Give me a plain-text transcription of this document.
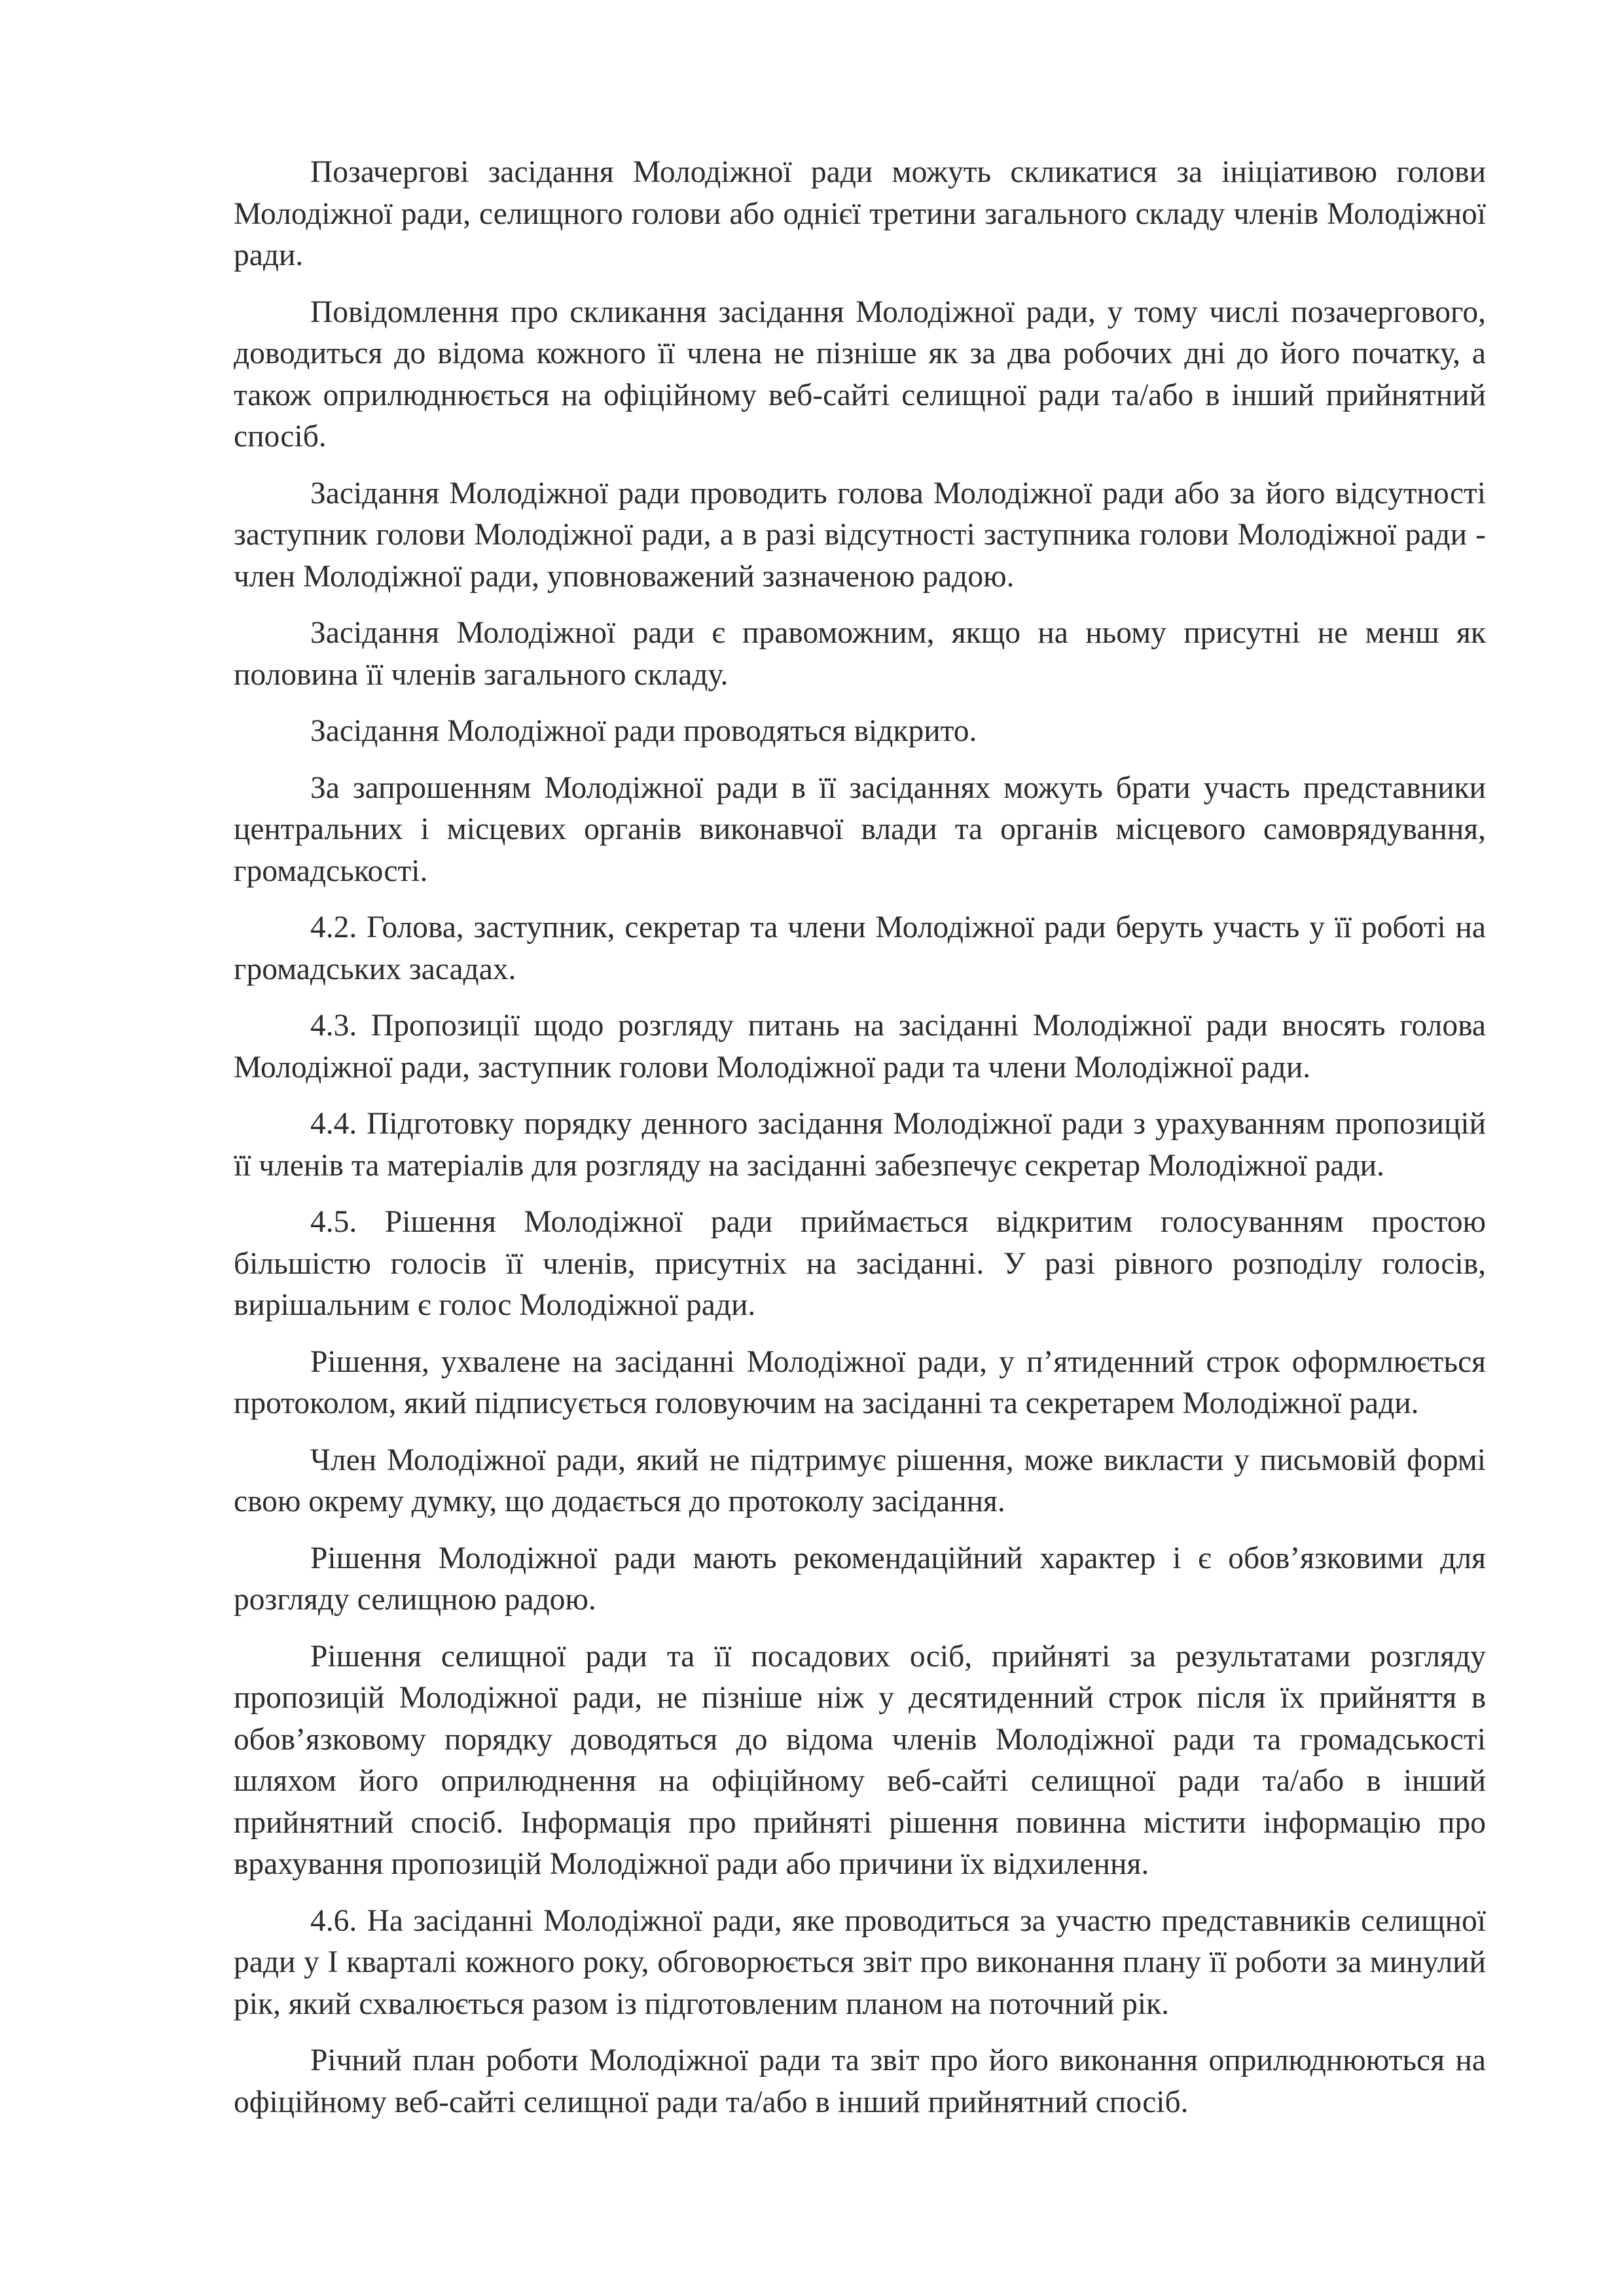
Позачергові засідання Молодіжної ради можуть скликатися за ініціативою голови Молодіжної ради, селищного голови або однієї третини загального складу членів Молодіжної ради.

Повідомлення про скликання засідання Молодіжної ради, у тому числі позачергового, доводиться до відома кожного її члена не пізніше як за два робочих дні до його початку, а також оприлюднюється на офіційному веб-сайті селищної ради та/або в інший прийнятний спосіб.

Засідання Молодіжної ради проводить голова Молодіжної ради або за його відсутності заступник голови Молодіжної ради, а в разі відсутності заступника голови Молодіжної ради - член Молодіжної ради, уповноважений зазначеною радою.

Засідання Молодіжної ради є правоможним, якщо на ньому присутні не менш як половина її членів загального складу.

Засідання Молодіжної ради проводяться відкрито.

За запрошенням Молодіжної ради в її засіданнях можуть брати участь представники центральних і місцевих органів виконавчої влади та органів місцевого самоврядування, громадськості.

4.2. Голова, заступник, секретар та члени Молодіжної ради беруть участь у її роботі на громадських засадах.

4.3. Пропозиції щодо розгляду питань на засіданні Молодіжної ради вносять голова Молодіжної ради, заступник голови Молодіжної ради та члени Молодіжної ради.

4.4. Підготовку порядку денного засідання Молодіжної ради з урахуванням пропозицій її членів та матеріалів для розгляду на засіданні забезпечує секретар Молодіжної ради.

4.5. Рішення Молодіжної ради приймається відкритим голосуванням простою більшістю голосів її членів, присутніх на засіданні. У разі рівного розподілу голосів, вирішальним є голос Молодіжної ради.

Рішення, ухвалене на засіданні Молодіжної ради, у п’ятиденний строк оформлюється протоколом, який підписується головуючим на засіданні та секретарем Молодіжної ради.

Член Молодіжної ради, який не підтримує рішення, може викласти у письмовій формі свою окрему думку, що додається до протоколу засідання.

Рішення Молодіжної ради мають рекомендаційний характер і є обов’язковими для розгляду селищною радою.

Рішення селищної ради та її посадових осіб, прийняті за результатами розгляду пропозицій Молодіжної ради, не пізніше ніж у десятиденний строк після їх прийняття в обов’язковому порядку доводяться до відома членів Молодіжної ради та громадськості шляхом його оприлюднення на офіційному веб-сайті селищної ради та/або в інший прийнятний спосіб. Інформація про прийняті рішення повинна містити інформацію про врахування пропозицій Молодіжної ради або причини їх відхилення.

4.6. На засіданні Молодіжної ради, яке проводиться за участю представників селищної ради у І кварталі кожного року, обговорюється звіт про виконання плану її роботи за минулий рік, який схвалюється разом із підготовленим планом на поточний рік.

Річний план роботи Молодіжної ради та звіт про його виконання оприлюднюються на офіційному веб-сайті селищної ради та/або в інший прийнятний спосіб.
